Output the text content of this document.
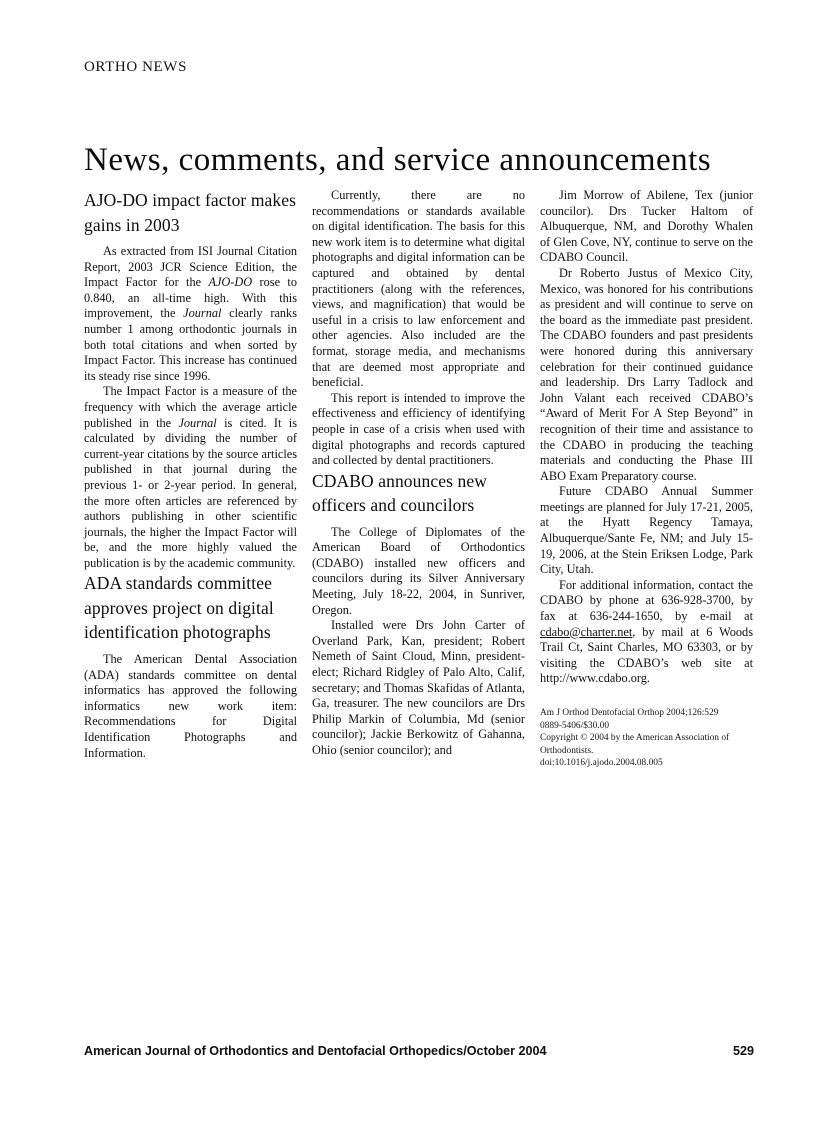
ORTHO NEWS
News, comments, and service announcements
AJO-DO impact factor makes gains in 2003

As extracted from ISI Journal Citation Report, 2003 JCR Science Edition, the Impact Factor for the AJO-DO rose to 0.840, an all-time high. With this improvement, the Journal clearly ranks number 1 among orthodontic journals in both total citations and when sorted by Impact Factor. This increase has continued its steady rise since 1996.

The Impact Factor is a measure of the frequency with which the average article published in the Journal is cited. It is calculated by dividing the number of current-year citations by the source articles published in that journal during the previous 1- or 2-year period. In general, the more often articles are referenced by authors publishing in other scientific journals, the higher the Impact Factor will be, and the more highly valued the publication is by the academic community.

ADA standards committee approves project on digital identification photographs

The American Dental Association (ADA) standards committee on dental informatics has approved the following informatics new work item: Recommendations for Digital Identification Photographs and Information.

Currently, there are no recommendations or standards available on digital identification. The basis for this new work item is to determine what digital photographs and digital information can be captured and obtained by dental practitioners (along with the references, views, and magnification) that would be useful in a crisis to law enforcement and other agencies. Also included are the format, storage media, and mechanisms that are deemed most appropriate and beneficial.

This report is intended to improve the effectiveness and efficiency of identifying people in case of a crisis when used with digital photographs and records captured and collected by dental practitioners.

CDABO announces new officers and councilors

The College of Diplomates of the American Board of Orthodontics (CDABO) installed new officers and councilors during its Silver Anniversary Meeting, July 18-22, 2004, in Sunriver, Oregon.

Installed were Drs John Carter of Overland Park, Kan, president; Robert Nemeth of Saint Cloud, Minn, president-elect; Richard Ridgley of Palo Alto, Calif, secretary; and Thomas Skafidas of Atlanta, Ga, treasurer. The new councilors are Drs Philip Markin of Columbia, Md (senior councilor); Jackie Berkowitz of Gahanna, Ohio (senior councilor); and

Jim Morrow of Abilene, Tex (junior councilor). Drs Tucker Haltom of Albuquerque, NM, and Dorothy Whalen of Glen Cove, NY, continue to serve on the CDABO Council.

Dr Roberto Justus of Mexico City, Mexico, was honored for his contributions as president and will continue to serve on the board as the immediate past president. The CDABO founders and past presidents were honored during this anniversary celebration for their continued guidance and leadership. Drs Larry Tadlock and John Valant each received CDABO’s “Award of Merit For A Step Beyond” in recognition of their time and assistance to the CDABO in producing the teaching materials and conducting the Phase III ABO Exam Preparatory course.

Future CDABO Annual Summer meetings are planned for July 17-21, 2005, at the Hyatt Regency Tamaya, Albuquerque/Sante Fe, NM; and July 15-19, 2006, at the Stein Eriksen Lodge, Park City, Utah.

For additional information, contact the CDABO by phone at 636-928-3700, by fax at 636-244-1650, by e-mail at cdabo@charter.net, by mail at 6 Woods Trail Ct, Saint Charles, MO 63303, or by visiting the CDABO’s web site at http://www.cdabo.org.

Am J Orthod Dentofacial Orthop 2004;126:529
0889-5406/$30.00
Copyright © 2004 by the American Association of Orthodontists.
doi:10.1016/j.ajodo.2004.08.005
American Journal of Orthodontics and Dentofacial Orthopedics/October 2004	529
